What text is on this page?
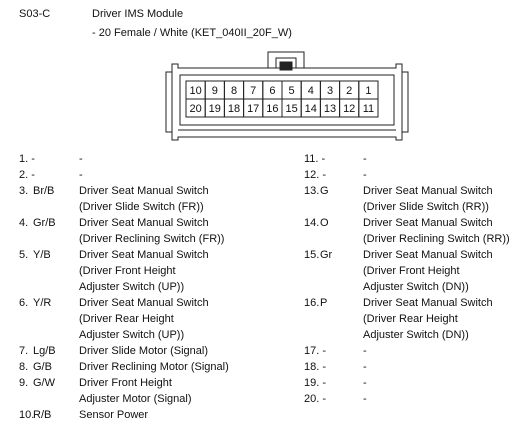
S03-C	Driver IMS Module
- 20 Female / White (KET_040II_20F_W)
10 9 8 7 6 5 4 3 2 1
20 19 18 17 16 15 14 13 12 11
1. -	-
2. -	-
3. Br/B Driver Seat Manual Switch
(Driver Slide Switch (FR))
4. Gr/B Driver Seat Manual Switch
(Driver Reclining Switch (FR))
5. Y/B	Driver Seat Manual Switch
(Driver Front Height
Adjuster Switch (UP))
6. Y/R	Driver Seat Manual Switch
(Driver Rear Height
Adjuster Switch (UP))
7. Lg/B Driver Slide Motor (Signal)
8. G/B Driver Reclining Motor (Signal)
9. G/W Driver Front Height
Adjuster Motor (Signal)
10.
R/B	Sensor Power
11. -	-
12. -	-
13. G	Driver Seat Manual Switch
(Driver Slide Switch (RR))
14. O	Driver Seat Manual Switch
(Driver Reclining Switch (RR))
15. Gr	Driver Seat Manual Switch
(Driver Front Height
Adjuster Switch (DN))
16. P	Driver Seat Manual Switch
(Driver Rear Height
Adjuster Switch (DN))
17. -	-
18. -	-
19. -	-
20. -	-
